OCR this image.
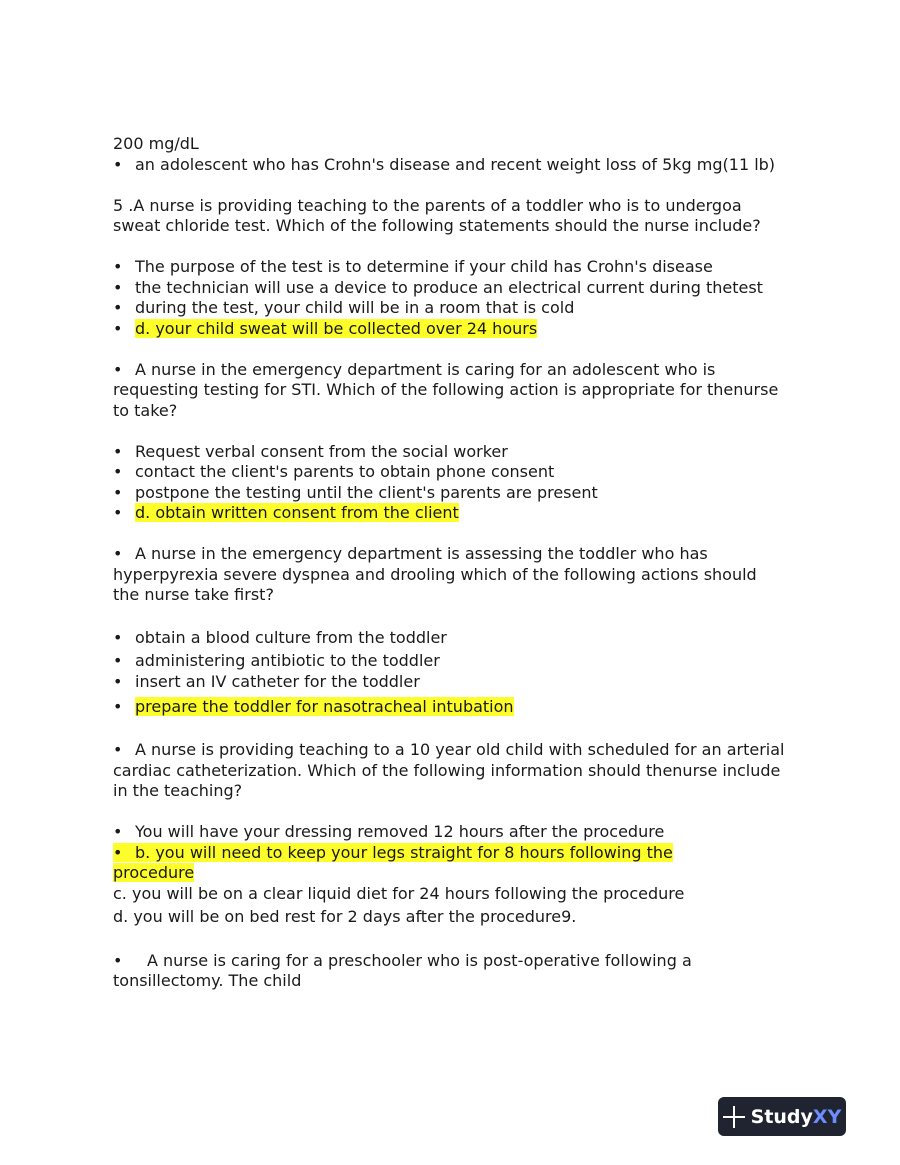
200 mg/dL
• an adolescent who has Crohn's disease and recent weight loss of 5kg mg(11 lb)
5 .A nurse is providing teaching to the parents of a toddler who is to undergoa
sweat chloride test. Which of the following statements should the nurse include?
• The purpose of the test is to determine if your child has Crohn's disease
• the technician will use a device to produce an electrical current during thetest
• during the test, your child will be in a room that is cold
• d. your child sweat will be collected over 24 hours
• A nurse in the emergency department is caring for an adolescent who is
requesting testing for STI. Which of the following action is appropriate for thenurse
to take?
• Request verbal consent from the social worker
• contact the client's parents to obtain phone consent
• postpone the testing until the client's parents are present
• d. obtain written consent from the client
• A nurse in the emergency department is assessing the toddler who has
hyperpyrexia severe dyspnea and drooling which of the following actions should
the nurse take first?
• obtain a blood culture from the toddler
• administering antibiotic to the toddler
• insert an IV catheter for the toddler
• prepare the toddler for nasotracheal intubation
• A nurse is providing teaching to a 10 year old child with scheduled for an arterial
cardiac catheterization. Which of the following information should thenurse include
in the teaching?
• You will have your dressing removed 12 hours after the procedure
• b. you will need to keep your legs straight for 8 hours following the
procedure
c. you will be on a clear liquid diet for 24 hours following the procedure
d. you will be on bed rest for 2 days after the procedure9.
• A nurse is caring for a preschooler who is post-operative following a
tonsillectomy. The child
StudyXY
